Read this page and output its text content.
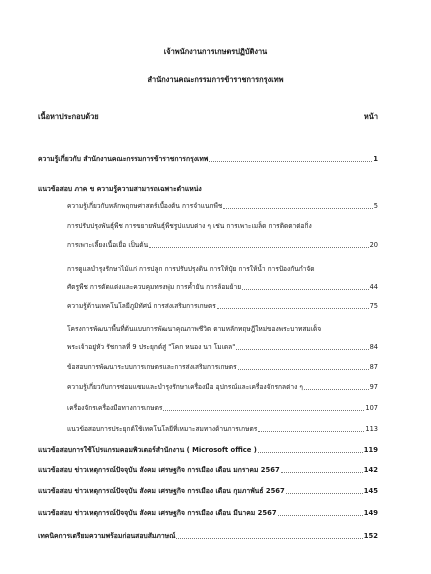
เจ้าพนักงานการเกษตรปฏิบัติงาน
สำนักงานคณะกรรมการข้าราชการกรุงเทพ
เนื้อหาประกอบด้วย	หน้า
ความรู้เกี่ยวกับ สำนักงานคณะกรรมการข้าราชการกรุงเทพ	1
แนวข้อสอบ ภาค ข ความรู้ความสามารถเฉพาะตำแหน่ง
ความรู้เกี่ยวกับหลักพฤกษศาสตร์เบื้องต้น การจำแนกพืช	5
การปรับปรุงพันธุ์พืช การขยายพันธุ์พืชรูปแบบต่าง ๆ เช่น การเพาะเมล็ด การติดตาต่อกิ่ง
การเพาะเลี้ยงเนื้อเยื่อ เป็นต้น	20
การดูแลบำรุงรักษาไม้แก่ การปลูก การปรับปรุงดิน การให้ปุ๋ย การให้น้ำ การป้องกันกำจัด
ศัตรูพืช การตัดแต่งและควบคุมทรงพุ่ม การค้ำยัน การล้อมย้าย	44
ความรู้ด้านเทคโนโลยีภูมิทัศน์ การส่งเสริมการเกษตร	75
โครงการพัฒนาพื้นที่ต้นแบบการพัฒนาคุณภาพชีวิต ตามหลักทฤษฎีใหม่ของพระบาทสมเด็จ
พระเจ้าอยู่หัว รัชกาลที่ 9 ประยุกต์สู่ "โคก หนอง นา โมเดล"	84
ข้อสอบการพัฒนาระบบการเกษตรและการส่งเสริมการเกษตร	87
ความรู้เกี่ยวกับการซ่อมแซมและบำรุงรักษาเครื่องมือ อุปกรณ์และเครื่องจักรกลต่าง ๆ	97
เครื่องจักรเครื่องมือทางการเกษตร	107
แนวข้อสอบการประยุกต์ใช้เทคโนโลยีที่เหมาะสมทางด้านการเกษตร	113
แนวข้อสอบการใช้โปรแกรมคอมพิวเตอร์สำนักงาน ( Microsoft office )	119
แนวข้อสอบ ข่าวเหตุการณ์ปัจจุบัน สังคม เศรษฐกิจ การเมือง เดือน มกราคม 2567	142
แนวข้อสอบ ข่าวเหตุการณ์ปัจจุบัน สังคม เศรษฐกิจ การเมือง เดือน กุมภาพันธ์ 2567	145
แนวข้อสอบ ข่าวเหตุการณ์ปัจจุบัน สังคม เศรษฐกิจ การเมือง เดือน มีนาคม 2567	149
เทคนิคการเตรียมความพร้อมก่อนสอบสัมภาษณ์	152
